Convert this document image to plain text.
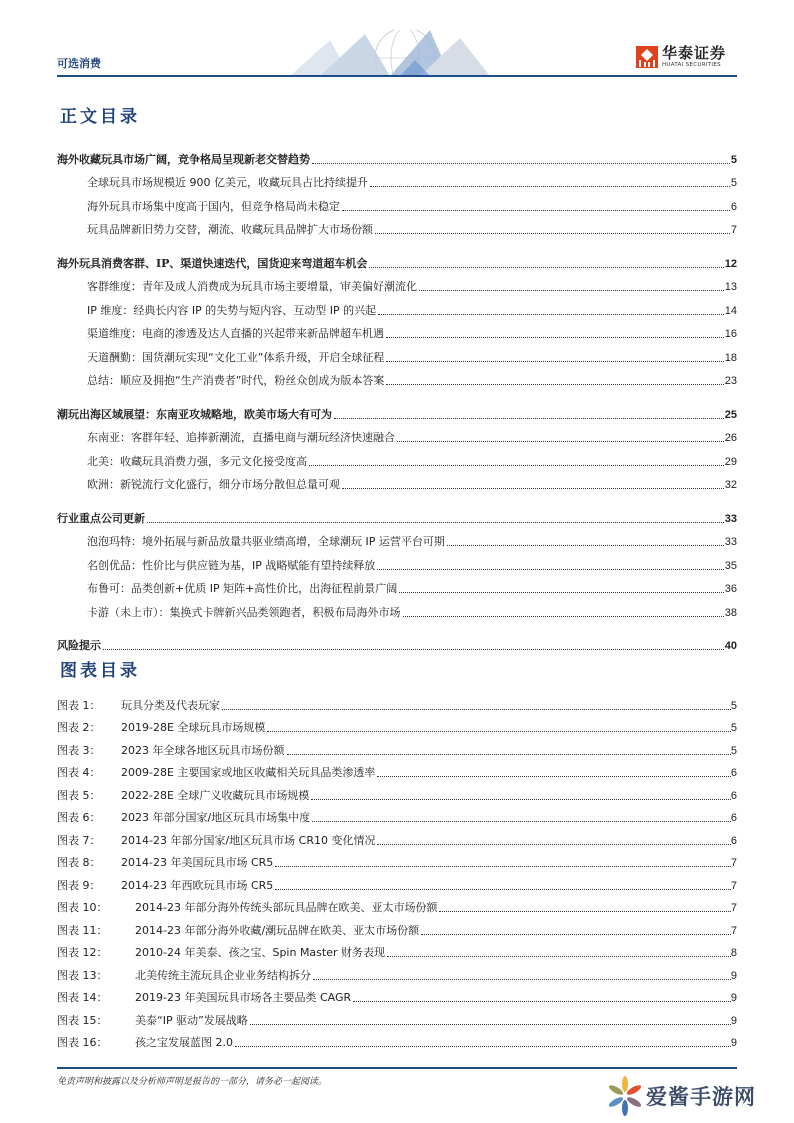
可选消费
华泰证券
HUATAI SECURITIES
正文目录
海外收藏玩具市场广阔，竞争格局呈现新老交替趋势	5
全球玩具市场规模近 900 亿美元，收藏玩具占比持续提升	5
海外玩具市场集中度高于国内，但竞争格局尚未稳定	6
玩具品牌新旧势力交替，潮流、收藏玩具品牌扩大市场份额	7
海外玩具消费客群、IP、渠道快速迭代，国货迎来弯道超车机会	12
客群维度：青年及成人消费成为玩具市场主要增量，审美偏好潮流化	13
IP 维度：经典长内容 IP 的失势与短内容、互动型 IP 的兴起	14
渠道维度：电商的渗透及达人直播的兴起带来新品牌超车机遇	16
天道酬勤：国货潮玩实现“文化工业”体系升级，开启全球征程	18
总结：顺应及拥抱“生产消费者”时代，粉丝众创成为版本答案	23
潮玩出海区域展望：东南亚攻城略地，欧美市场大有可为	25
东南亚：客群年轻、追捧新潮流，直播电商与潮玩经济快速融合	26
北美：收藏玩具消费力强，多元文化接受度高	29
欧洲：新锐流行文化盛行，细分市场分散但总量可观	32
行业重点公司更新	33
泡泡玛特：境外拓展与新品放量共驱业绩高增，全球潮玩 IP 运营平台可期	33
名创优品：性价比与供应链为基，IP 战略赋能有望持续释放	35
布鲁可：品类创新+优质 IP 矩阵+高性价比，出海征程前景广阔	36
卡游（未上市）：集换式卡牌新兴品类领跑者，积极布局海外市场	38
风险提示	40
图表目录
图表 1：	玩具分类及代表玩家	5
图表 2：	2019-28E 全球玩具市场规模	5
图表 3：	2023 年全球各地区玩具市场份额	5
图表 4：	2009-28E 主要国家或地区收藏相关玩具品类渗透率	6
图表 5：	2022-28E 全球广义收藏玩具市场规模	6
图表 6：	2023 年部分国家/地区玩具市场集中度	6
图表 7：	2014-23 年部分国家/地区玩具市场 CR10 变化情况	6
图表 8：	2014-23 年美国玩具市场 CR5	7
图表 9：	2014-23 年西欧玩具市场 CR5	7
图表 10：	2014-23 年部分海外传统头部玩具品牌在欧美、亚太市场份额	7
图表 11：	2014-23 年部分海外收藏/潮玩品牌在欧美、亚太市场份额	7
图表 12：	2010-24 年美泰、孩之宝、Spin Master 财务表现	8
图表 13：	北美传统主流玩具企业业务结构拆分	9
图表 14：	2019-23 年美国玩具市场各主要品类 CAGR	9
图表 15：	美泰“IP 驱动”发展战略	9
图表 16：	孩之宝发展蓝图 2.0	9
免责声明和披露以及分析师声明是报告的一部分，请务必一起阅读。
爱酱手游网
